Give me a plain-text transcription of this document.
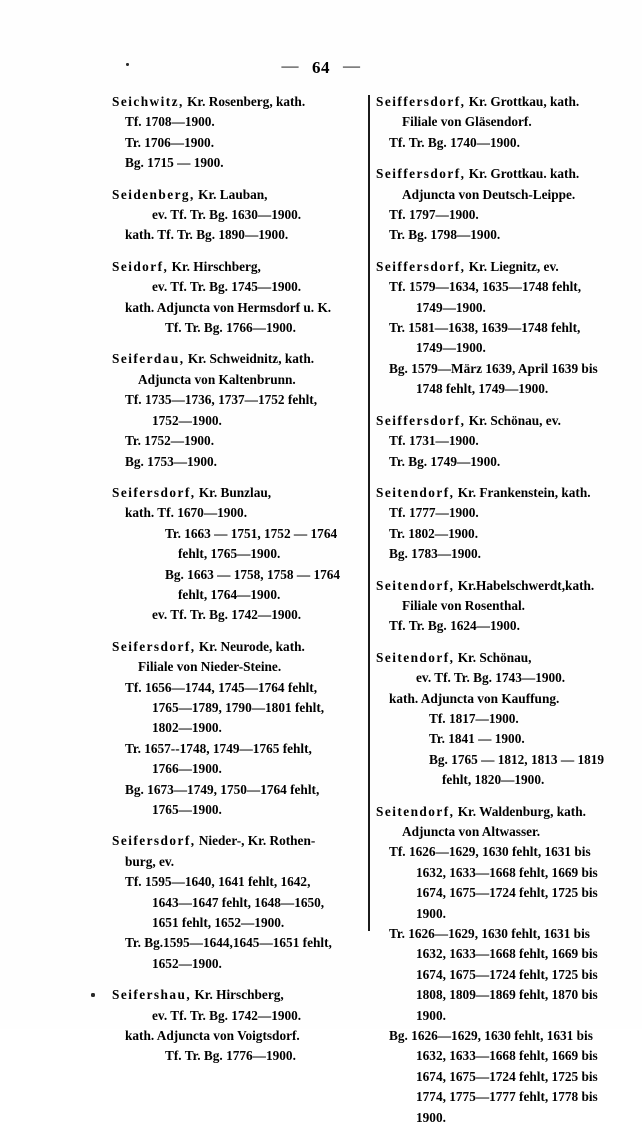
— 64 —
Seichwitz, Kr. Rosenberg, kath.
Tf. 1708—1900.
Tr. 1706—1900.
Bg. 1715 — 1900.
Seidenberg, Kr. Lauban,
ev. Tf. Tr. Bg. 1630—1900.
kath. Tf. Tr. Bg. 1890—1900.
Seidorf, Kr. Hirschberg,
ev. Tf. Tr. Bg. 1745—1900.
kath. Adjuncta von Hermsdorf u. K.
Tf. Tr. Bg. 1766—1900.
Seiferdau, Kr. Schweidnitz, kath.
Adjuncta von Kaltenbrunn.
Tf. 1735—1736, 1737—1752 fehlt,
1752—1900.
Tr. 1752—1900.
Bg. 1753—1900.
Seifersdorf, Kr. Bunzlau,
kath. Tf. 1670—1900.
Tr. 1663 — 1751, 1752 — 1764
fehlt, 1765—1900.
Bg. 1663 — 1758, 1758 — 1764
fehlt, 1764—1900.
ev. Tf. Tr. Bg. 1742—1900.
Seifersdorf, Kr. Neurode, kath.
Filiale von Nieder-Steine.
Tf. 1656—1744, 1745—1764 fehlt,
1765—1789, 1790—1801 fehlt,
1802—1900.
Tr. 1657--1748, 1749—1765 fehlt,
1766—1900.
Bg. 1673—1749, 1750—1764 fehlt,
1765—1900.
Seifersdorf, Nieder-, Kr. Rothen-
burg, ev.
Tf. 1595—1640, 1641 fehlt, 1642,
1643—1647 fehlt, 1648—1650,
1651 fehlt, 1652—1900.
Tr. Bg.1595—1644,1645—1651 fehlt,
1652—1900.
Seifershau, Kr. Hirschberg,
ev. Tf. Tr. Bg. 1742—1900.
kath. Adjuncta von Voigtsdorf.
Tf. Tr. Bg. 1776—1900.
Seiffersdorf, Kr. Grottkau, kath.
Filiale von Gläsendorf.
Tf. Tr. Bg. 1740—1900.
Seiffersdorf, Kr. Grottkau. kath.
Adjuncta von Deutsch-Leippe.
Tf. 1797—1900.
Tr. Bg. 1798—1900.
Seiffersdorf, Kr. Liegnitz, ev.
Tf. 1579—1634, 1635—1748 fehlt,
1749—1900.
Tr. 1581—1638, 1639—1748 fehlt,
1749—1900.
Bg. 1579—März 1639, April 1639 bis
1748 fehlt, 1749—1900.
Seiffersdorf, Kr. Schönau, ev.
Tf. 1731—1900.
Tr. Bg. 1749—1900.
Seitendorf, Kr. Frankenstein, kath.
Tf. 1777—1900.
Tr. 1802—1900.
Bg. 1783—1900.
Seitendorf, Kr.Habelschwerdt,kath.
Filiale von Rosenthal.
Tf. Tr. Bg. 1624—1900.
Seitendorf, Kr. Schönau,
ev. Tf. Tr. Bg. 1743—1900.
kath. Adjuncta von Kauffung.
Tf. 1817—1900.
Tr. 1841 — 1900.
Bg. 1765 — 1812, 1813 — 1819
fehlt, 1820—1900.
Seitendorf, Kr. Waldenburg, kath.
Adjuncta von Altwasser.
Tf. 1626—1629, 1630 fehlt, 1631 bis
1632, 1633—1668 fehlt, 1669 bis
1674, 1675—1724 fehlt, 1725 bis
1900.
Tr. 1626—1629, 1630 fehlt, 1631 bis
1632, 1633—1668 fehlt, 1669 bis
1674, 1675—1724 fehlt, 1725 bis
1808, 1809—1869 fehlt, 1870 bis
1900.
Bg. 1626—1629, 1630 fehlt, 1631 bis
1632, 1633—1668 fehlt, 1669 bis
1674, 1675—1724 fehlt, 1725 bis
1774, 1775—1777 fehlt, 1778 bis
1900.
